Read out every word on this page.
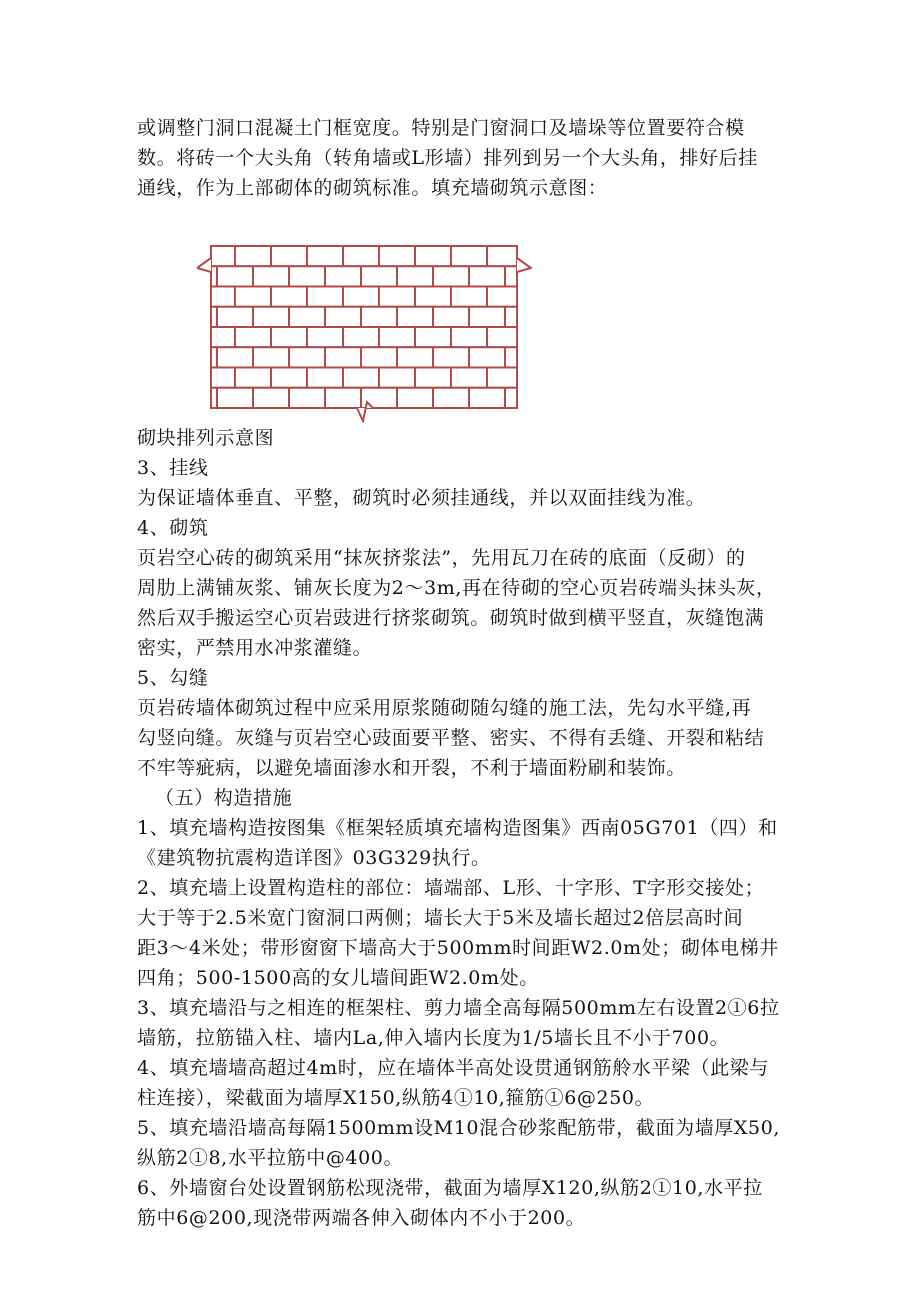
或调整门洞口混凝土门框宽度。特别是门窗洞口及墙垛等位置要符合模
数。将砖一个大头角（转角墙或L形墙）排列到另一个大头角，排好后挂
通线，作为上部砌体的砌筑标准。填充墙砌筑示意图：
砌块排列示意图
3、挂线
为保证墙体垂直、平整，砌筑时必须挂通线，并以双面挂线为准。
4、砌筑
页岩空心砖的砌筑采用“抹灰挤浆法”，先用瓦刀在砖的底面（反砌）的
周肋上满铺灰浆、铺灰长度为2～3m,再在待砌的空心页岩砖端头抹头灰，
然后双手搬运空心页岩豉进行挤浆砌筑。砌筑时做到横平竖直，灰缝饱满
密实，严禁用水冲浆灌缝。
5、勾缝
页岩砖墙体砌筑过程中应采用原浆随砌随勾缝的施工法，先勾水平缝,再
勾竖向缝。灰缝与页岩空心豉面要平整、密实、不得有丢缝、开裂和粘结
不牢等疵病，以避免墙面渗水和开裂，不利于墙面粉刷和装饰。
（五）构造措施
1、填充墙构造按图集《框架轻质填充墙构造图集》西南05G701（四）和
《建筑物抗震构造详图》03G329执行。
2、填充墙上设置构造柱的部位：墙端部、L形、十字形、T字形交接处；
大于等于2.5米宽门窗洞口两侧；墙长大于5米及墙长超过2倍层高时间
距3～4米处；带形窗窗下墙高大于500mm时间距W2.0m处；砌体电梯井
四角；500-1500高的女儿墙间距W2.0m处。
3、填充墙沿与之相连的框架柱、剪力墙全高每隔500mm左右设置2①6拉
墙筋，拉筋锚入柱、墙内La,伸入墙内长度为1/5墙长且不小于700。
4、填充墙墙高超过4m时，应在墙体半高处设贯通钢筋舲水平梁（此梁与
柱连接），梁截面为墙厚X150,纵筋4①10,箍筋①6@250。
5、填充墙沿墙高每隔1500mm设M10混合砂浆配筋带，截面为墙厚X50,
纵筋2①8,水平拉筋中@400。
6、外墙窗台处设置钢筋松现浇带，截面为墙厚X120,纵筋2①10,水平拉
筋中6@200,现浇带两端各伸入砌体内不小于200。
